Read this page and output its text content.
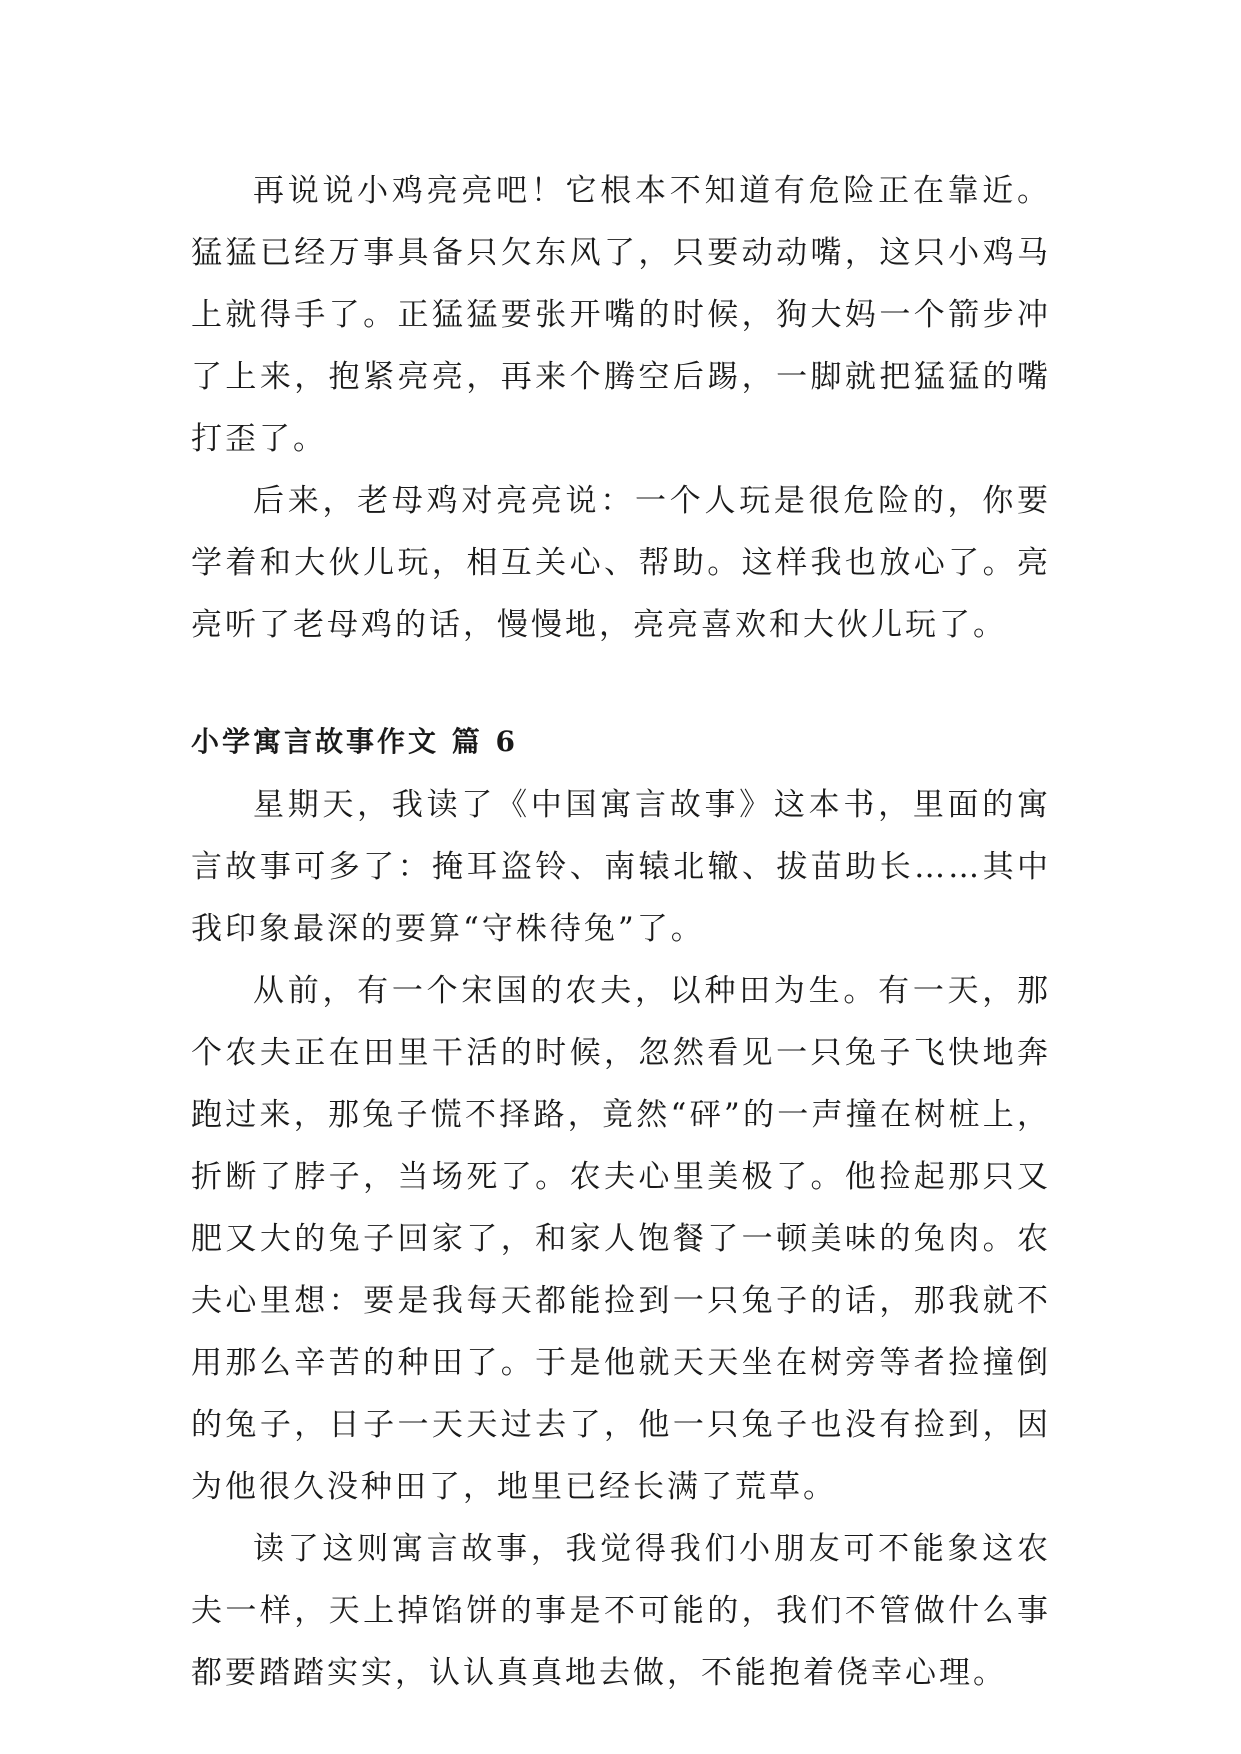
再说说小鸡亮亮吧！它根本不知道有危险正在靠近。猛猛已经万事具备只欠东风了，只要动动嘴，这只小鸡马上就得手了。正猛猛要张开嘴的时候，狗大妈一个箭步冲了上来，抱紧亮亮，再来个腾空后踢，一脚就把猛猛的嘴打歪了。

后来，老母鸡对亮亮说：一个人玩是很危险的，你要学着和大伙儿玩，相互关心、帮助。这样我也放心了。亮亮听了老母鸡的话，慢慢地，亮亮喜欢和大伙儿玩了。

小学寓言故事作文 篇 6

星期天，我读了《中国寓言故事》这本书，里面的寓言故事可多了：掩耳盗铃、南辕北辙、拔苗助长……其中我印象最深的要算“守株待兔”了。

从前，有一个宋国的农夫，以种田为生。有一天，那个农夫正在田里干活的时候，忽然看见一只兔子飞快地奔跑过来，那兔子慌不择路，竟然“砰”的一声撞在树桩上，折断了脖子，当场死了。农夫心里美极了。他捡起那只又肥又大的兔子回家了，和家人饱餐了一顿美味的兔肉。农夫心里想：要是我每天都能捡到一只兔子的话，那我就不用那么辛苦的种田了。于是他就天天坐在树旁等者捡撞倒的兔子，日子一天天过去了，他一只兔子也没有捡到，因为他很久没种田了，地里已经长满了荒草。

读了这则寓言故事，我觉得我们小朋友可不能象这农夫一样，天上掉馅饼的事是不可能的，我们不管做什么事都要踏踏实实，认认真真地去做，不能抱着侥幸心理。
